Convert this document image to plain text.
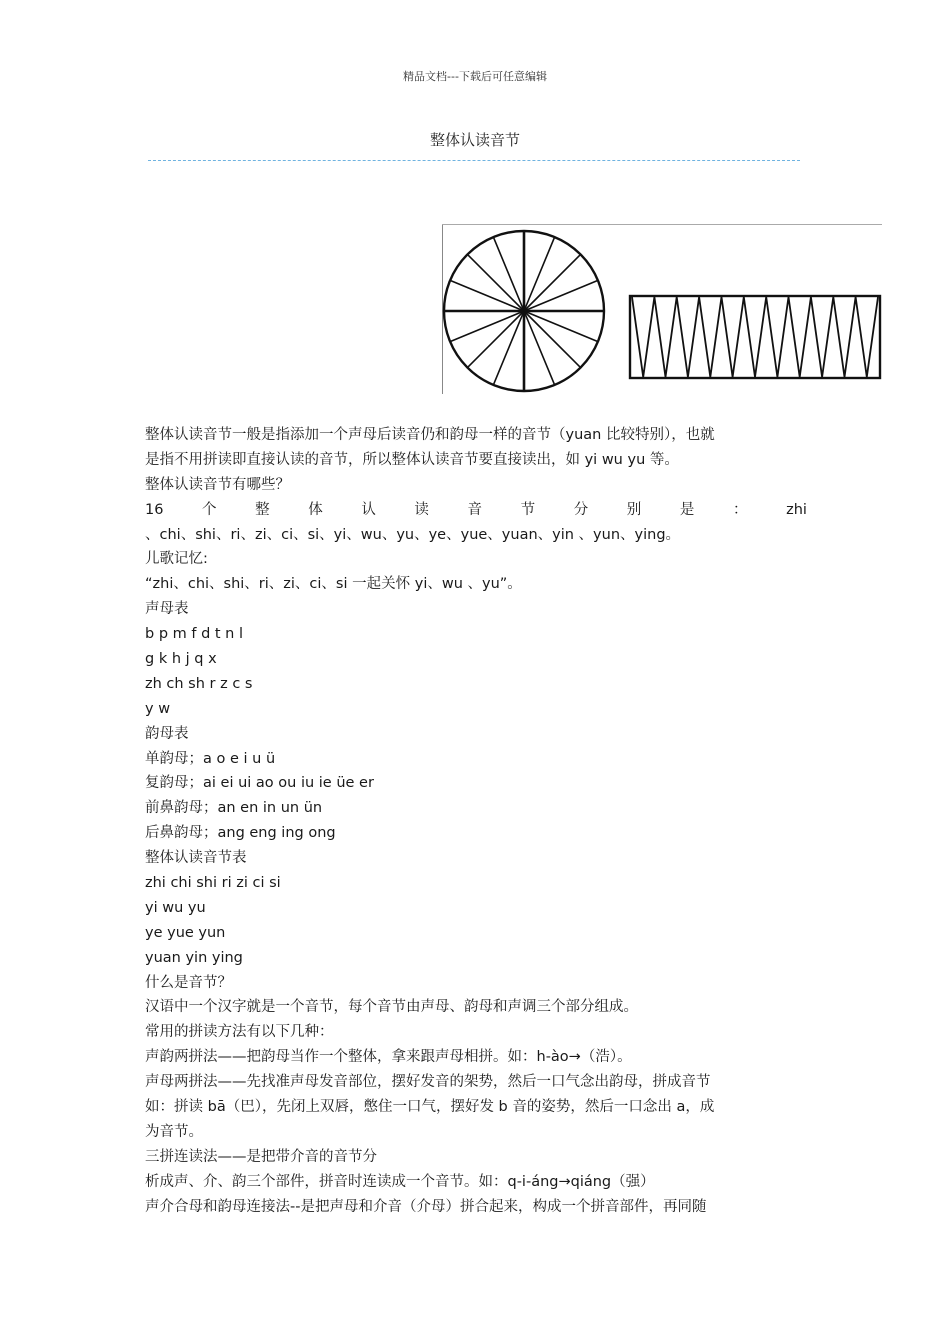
精品文档---下载后可任意编辑
整体认读音节
整体认读音节一般是指添加一个声母后读音仍和韵母一样的音节（yuan 比较特别），也就
是指不用拼读即直接认读的音节，所以整体认读音节要直接读出，如 yi wu yu 等。
整体认读音节有哪些？
16	个	整	体	认	读	音	节	分	别	是	：	zhi
、chi、shi、ri、zi、ci、si、yi、wu、yu、ye、yue、yuan、yin 、yun、ying。
儿歌记忆:
“zhi、chi、shi、ri、zi、ci、si 一起关怀 yi、wu 、yu”。
声母表
b p m f d t n l
g k h j q x
zh ch sh r z c s
y w
韵母表
单韵母；a o e i u ü
复韵母；ai ei ui ao ou iu ie üe er
前鼻韵母；an en in un ün
后鼻韵母；ang eng ing ong
整体认读音节表
zhi chi shi ri zi ci si
yi wu yu
ye yue yun
yuan yin ying
什么是音节？
汉语中一个汉字就是一个音节，每个音节由声母、韵母和声调三个部分组成。
常用的拼读方法有以下几种：
声韵两拼法——把韵母当作一个整体，拿来跟声母相拼。如：h-ào→（浩）。
声母两拼法——先找准声母发音部位，摆好发音的架势，然后一口气念出韵母，拼成音节
如：拼读 bā（巴），先闭上双唇，憋住一口气，摆好发 b 音的姿势，然后一口念出 a，成
为音节。
三拼连读法——是把带介音的音节分
析成声、介、韵三个部件，拼音时连读成一个音节。如：q-i-áng→qiáng（强）
声介合母和韵母连接法--是把声母和介音（介母）拼合起来，构成一个拼音部件，再同随
